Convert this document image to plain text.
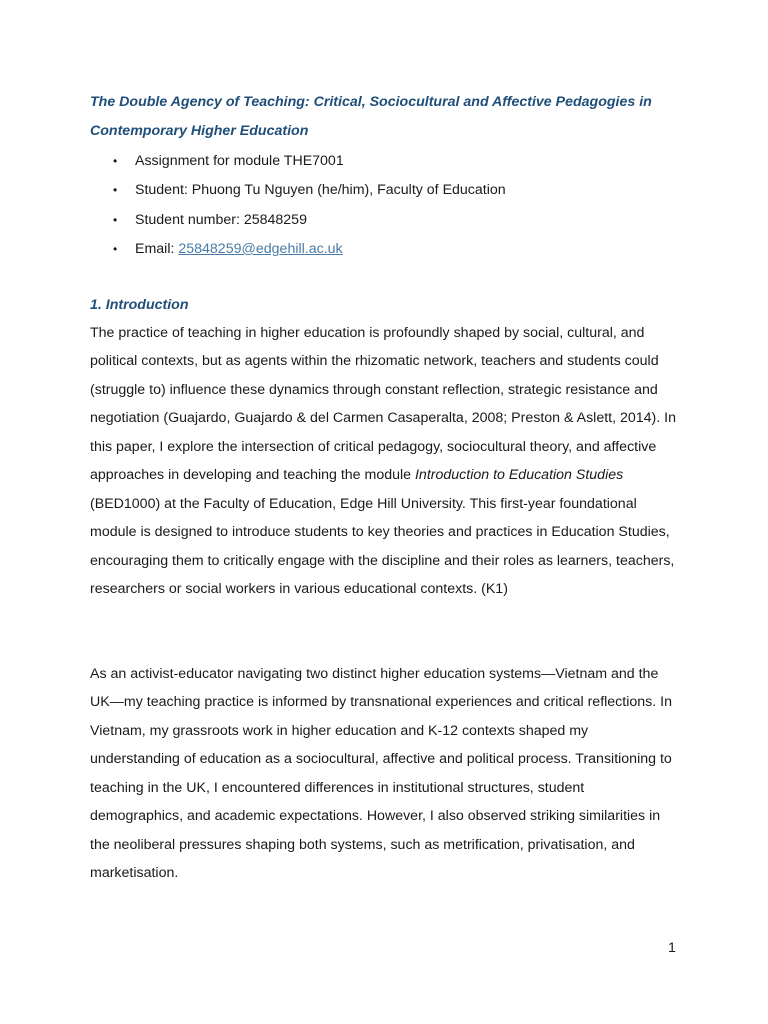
The Double Agency of Teaching: Critical, Sociocultural and Affective Pedagogies in Contemporary Higher Education

• Assignment for module THE7001
• Student: Phuong Tu Nguyen (he/him), Faculty of Education
• Student number: 25848259
• Email: 25848259@edgehill.ac.uk

1. Introduction

The practice of teaching in higher education is profoundly shaped by social, cultural, and political contexts, but as agents within the rhizomatic network, teachers and students could (struggle to) influence these dynamics through constant reflection, strategic resistance and negotiation (Guajardo, Guajardo & del Carmen Casaperalta, 2008; Preston & Aslett, 2014). In this paper, I explore the intersection of critical pedagogy, sociocultural theory, and affective approaches in developing and teaching the module Introduction to Education Studies (BED1000) at the Faculty of Education, Edge Hill University. This first-year foundational module is designed to introduce students to key theories and practices in Education Studies, encouraging them to critically engage with the discipline and their roles as learners, teachers, researchers or social workers in various educational contexts. (K1)

As an activist-educator navigating two distinct higher education systems—Vietnam and the UK—my teaching practice is informed by transnational experiences and critical reflections. In Vietnam, my grassroots work in higher education and K-12 contexts shaped my understanding of education as a sociocultural, affective and political process. Transitioning to teaching in the UK, I encountered differences in institutional structures, student demographics, and academic expectations. However, I also observed striking similarities in the neoliberal pressures shaping both systems, such as metrification, privatisation, and marketisation.

1
